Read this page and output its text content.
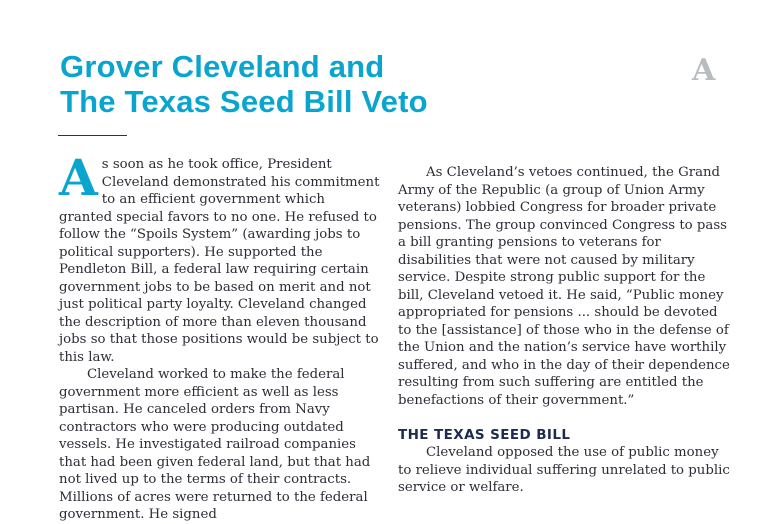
A
Grover Cleveland and
The Texas Seed Bill Veto

As soon as he took office, President Cleveland demonstrated his commitment to an efficient government which granted special favors to no one. He refused to follow the “Spoils System” (awarding jobs to political supporters). He supported the Pendleton Bill, a federal law requiring certain government jobs to be based on merit and not just political party loyalty. Cleveland changed the description of more than eleven thousand jobs so that those positions would be subject to this law.

Cleveland worked to make the federal government more efficient as well as less partisan. He canceled orders from Navy contractors who were producing outdated vessels. He investigated railroad companies that had been given federal land, but that had not lived up to the terms of their contracts. Millions of acres were returned to the federal government. He signed

As Cleveland’s vetoes continued, the Grand Army of the Republic (a group of Union Army veterans) lobbied Congress for broader private pensions. The group convinced Congress to pass a bill granting pensions to veterans for disabilities that were not caused by military service. Despite strong public support for the bill, Cleveland vetoed it. He said, “Public money appropriated for pensions ... should be devoted to the [assistance] of those who in the defense of the Union and the nation’s service have worthily suffered, and who in the day of their dependence resulting from such suffering are entitled the benefactions of their government.”

THE TEXAS SEED BILL

Cleveland opposed the use of public money to relieve individual suffering unrelated to public service or welfare.
